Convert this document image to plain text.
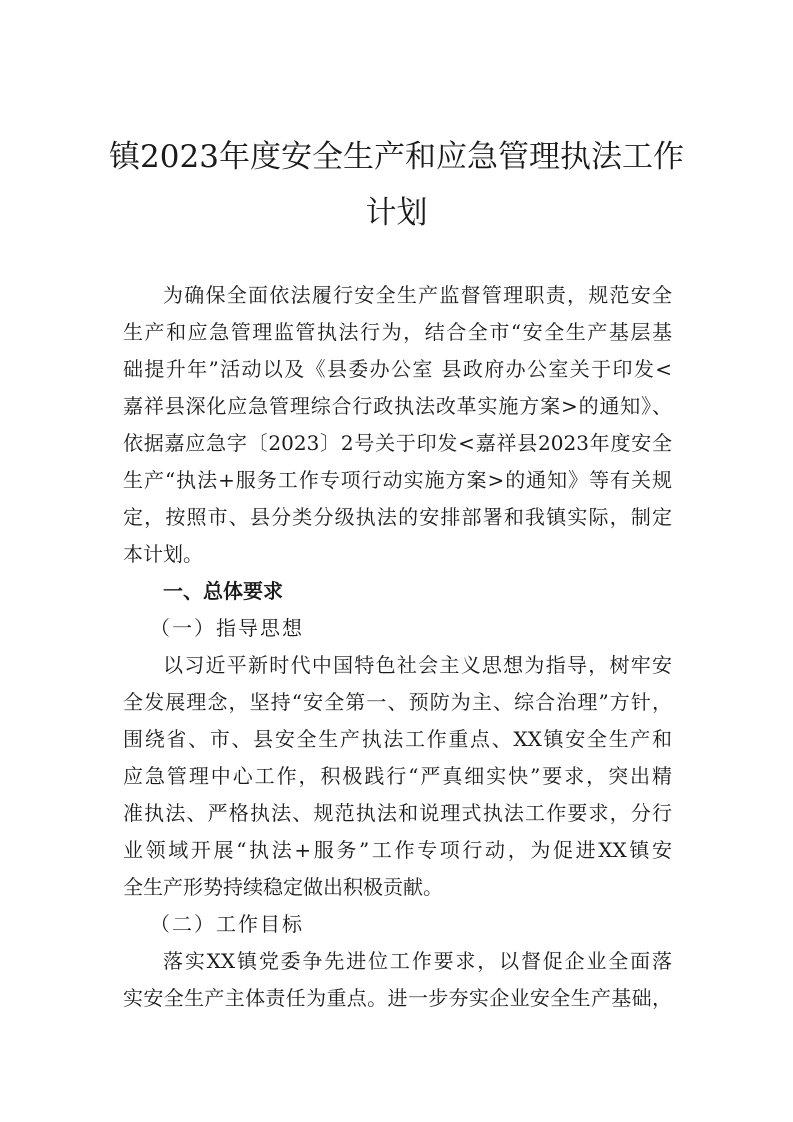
镇2023年度安全生产和应急管理执法工作
计划
为确保全面依法履行安全生产监督管理职责，规范安全
生产和应急管理监管执法行为，结合全市“安全生产基层基
础提升年”活动以及《县委办公室 县政府办公室关于印发<
嘉祥县深化应急管理综合行政执法改革实施方案>的通知》、
依据嘉应急字〔2023〕2号关于印发<嘉祥县2023年度安全
生产“执法+服务工作专项行动实施方案>的通知》等有关规
定，按照市、县分类分级执法的安排部署和我镇实际，制定
本计划。
一、总体要求
（一）指导思想
以习近平新时代中国特色社会主义思想为指导，树牢安
全发展理念，坚持“安全第一、预防为主、综合治理”方针，
围绕省、市、县安全生产执法工作重点、XX镇安全生产和
应急管理中心工作，积极践行“严真细实快”要求，突出精
准执法、严格执法、规范执法和说理式执法工作要求，分行
业领域开展“执法+服务”工作专项行动，为促进XX镇安
全生产形势持续稳定做出积极贡献。
（二）工作目标
落实XX镇党委争先进位工作要求，以督促企业全面落
实安全生产主体责任为重点。进一步夯实企业安全生产基础，
